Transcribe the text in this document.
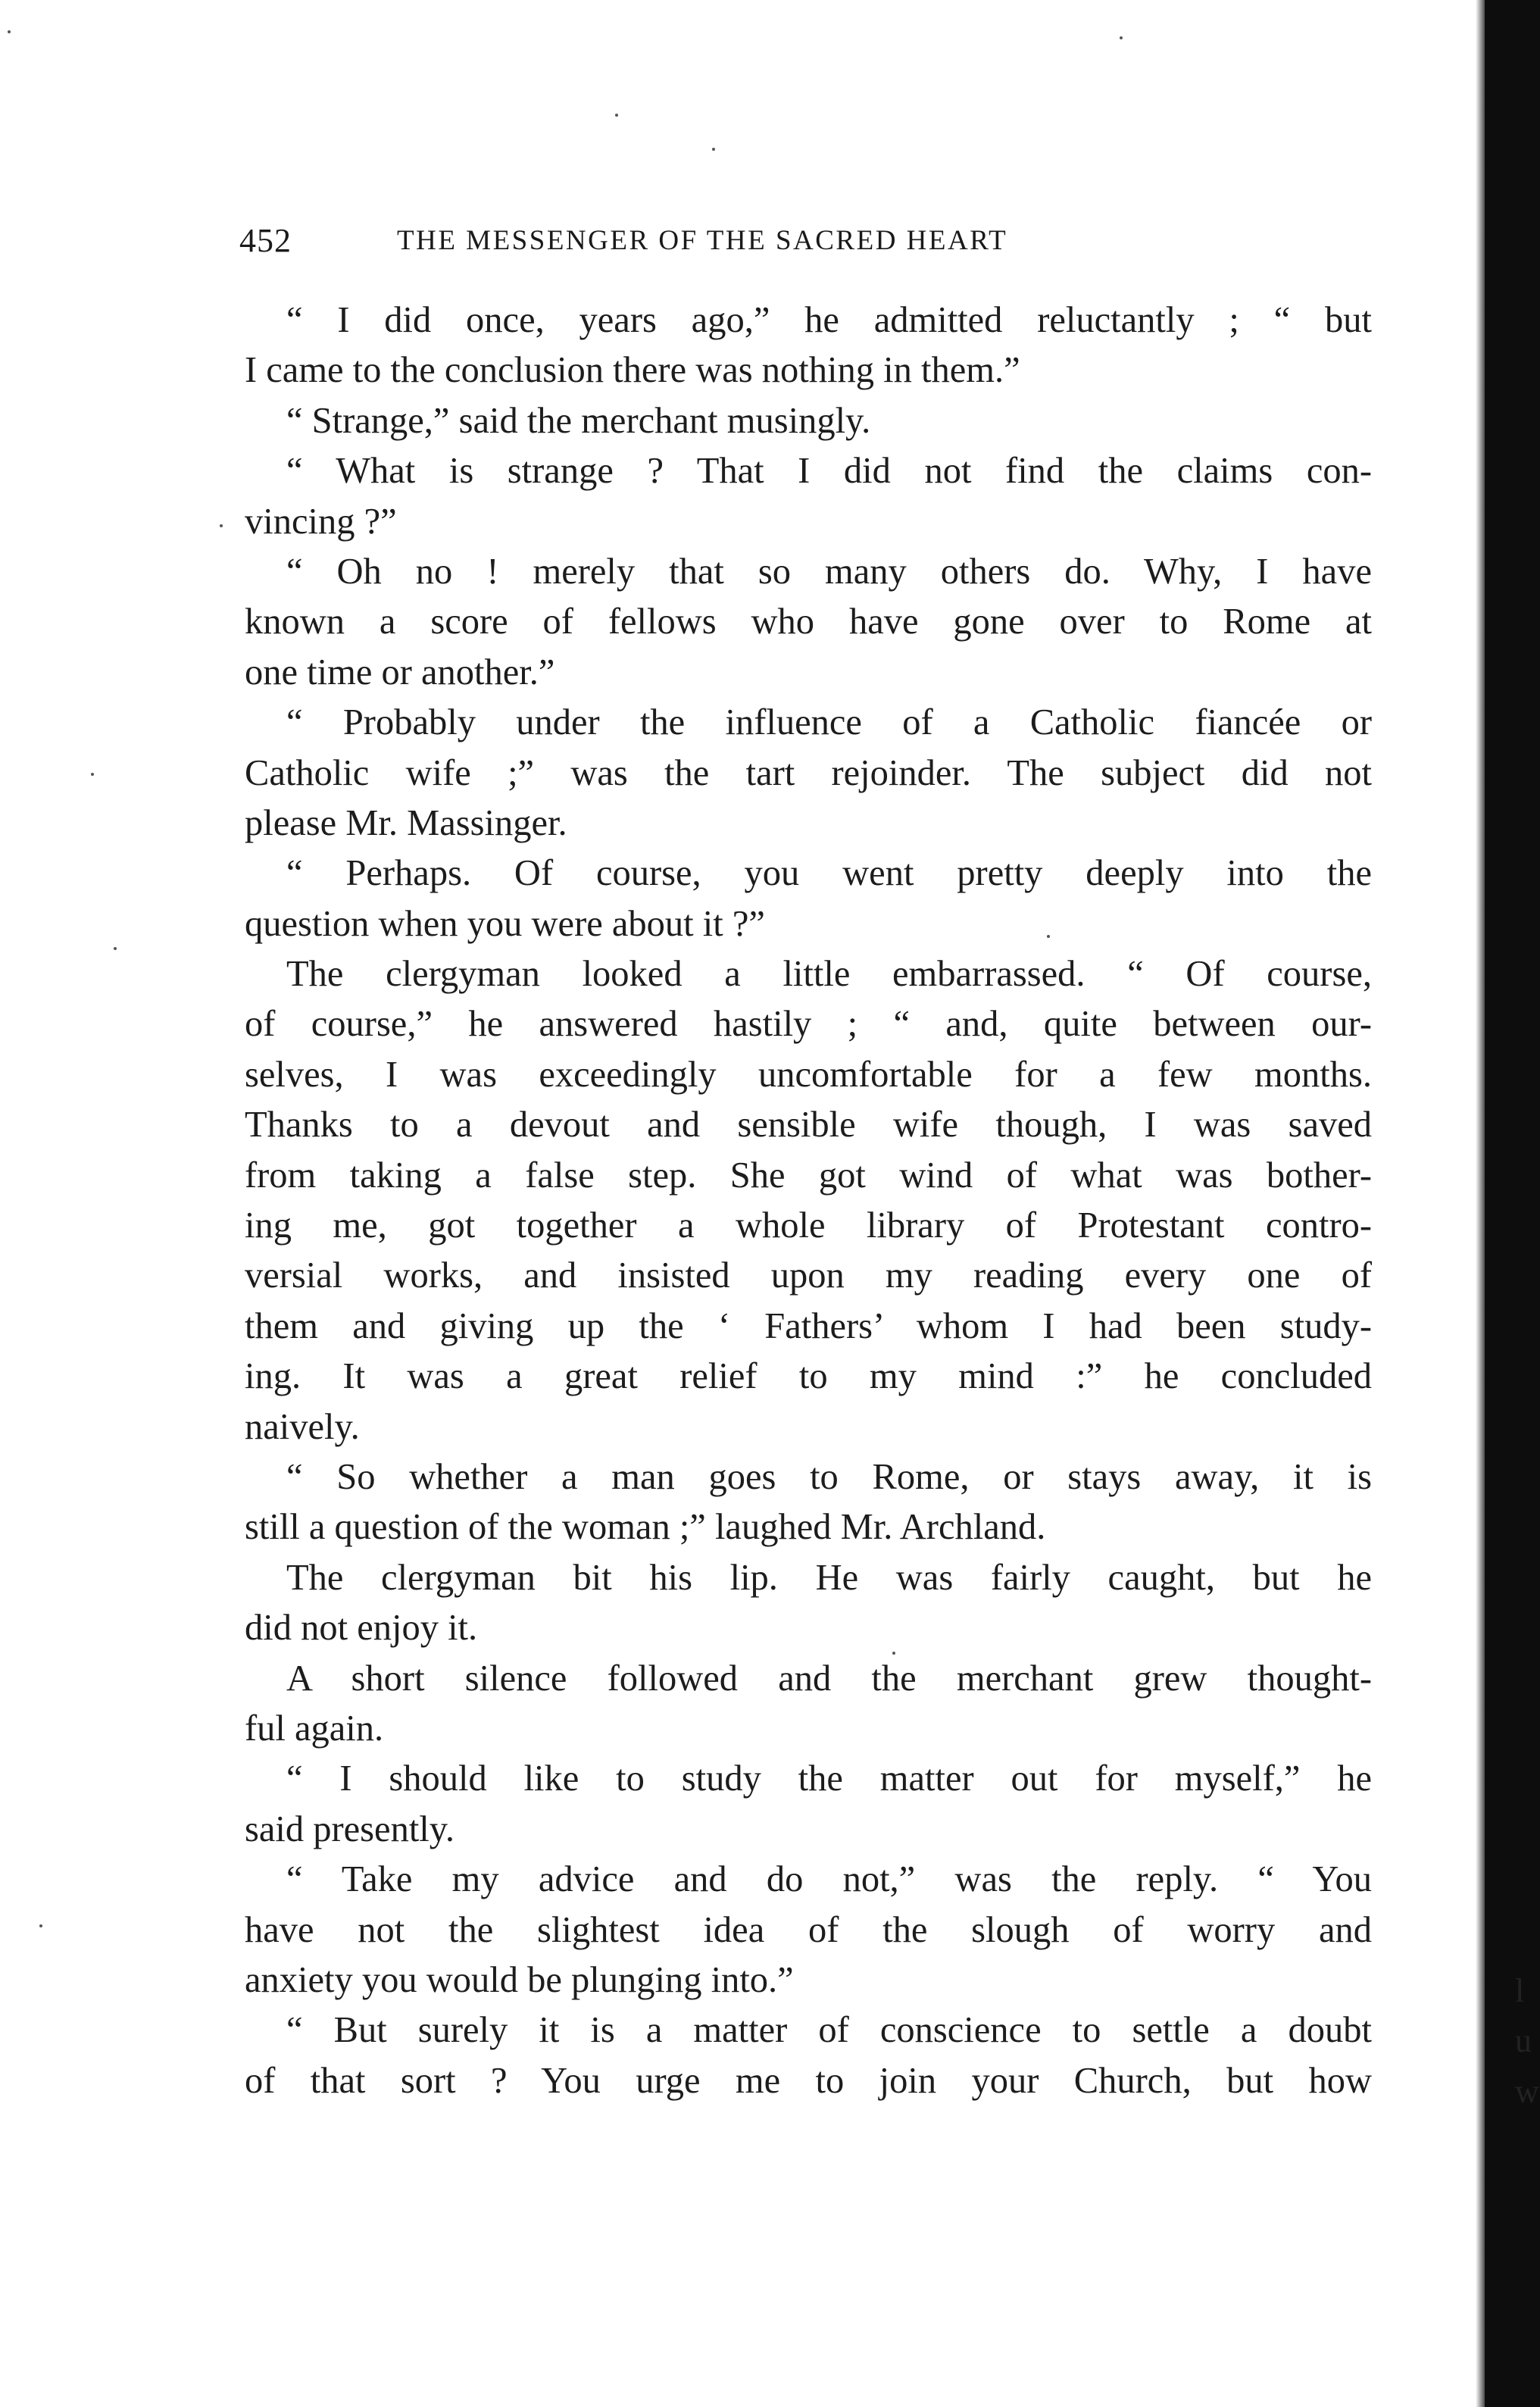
452	THE MESSENGER OF THE SACRED HEART
“ I did once, years ago,” he admitted reluctantly ; “ but
I came to the conclusion there was nothing in them.”
“ Strange,” said the merchant musingly.
“ What is strange ? That I did not find the claims con-
vincing ?”
“ Oh no ! merely that so many others do. Why, I have
known a score of fellows who have gone over to Rome at
one time or another.”
“ Probably under the influence of a Catholic fiancée or
Catholic wife ;” was the tart rejoinder. The subject did not
please Mr. Massinger.
“ Perhaps. Of course, you went pretty deeply into the
question when you were about it ?”
The clergyman looked a little embarrassed. “ Of course,
of course,” he answered hastily ; “ and, quite between our-
selves, I was exceedingly uncomfortable for a few months.
Thanks to a devout and sensible wife though, I was saved
from taking a false step. She got wind of what was bother-
ing me, got together a whole library of Protestant contro-
versial works, and insisted upon my reading every one of
them and giving up the ‘ Fathers’ whom I had been study-
ing. It was a great relief to my mind :” he concluded
naively.
“ So whether a man goes to Rome, or stays away, it is
still a question of the woman ;” laughed Mr. Archland.
The clergyman bit his lip. He was fairly caught, but he
did not enjoy it.
A short silence followed and the merchant grew thought-
ful again.
“ I should like to study the matter out for myself,” he
said presently.
“ Take my advice and do not,” was the reply. “ You
have not the slightest idea of the slough of worry and
anxiety you would be plunging into.”
“ But surely it is a matter of conscience to settle a doubt
of that sort ? You urge me to join your Church, but how
l
u
w
